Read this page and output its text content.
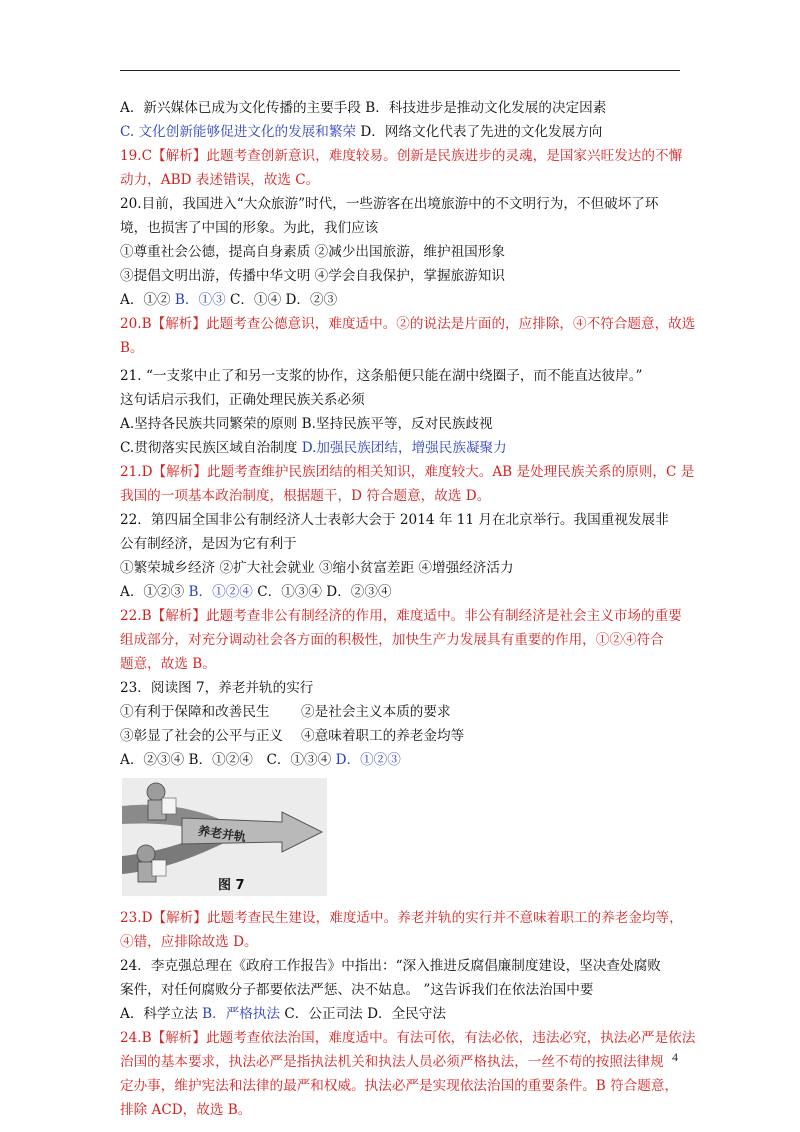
A．新兴媒体已成为文化传播的主要手段 B．科技进步是推动文化发展的决定因素
C. 文化创新能够促进文化的发展和繁荣 D．网络文化代表了先进的文化发展方向
19.C【解析】此题考查创新意识，难度较易。创新是民族进步的灵魂，是国家兴旺发达的不懈
动力，ABD 表述错误，故选 C。
20.目前，我国进入“大众旅游”时代，一些游客在出境旅游中的不文明行为，不但破坏了环
境，也损害了中国的形象。为此，我们应该
①尊重社会公德，提高自身素质 ②减少出国旅游，维护祖国形象
③提倡文明出游，传播中华文明 ④学会自我保护，掌握旅游知识
A．①② B．①③ C．①④ D．②③
20.B【解析】此题考查公德意识，难度适中。②的说法是片面的，应排除，④不符合题意，故选
B。
21. “一支浆中止了和另一支浆的协作，这条船便只能在湖中绕圈子，而不能直达彼岸。”
这句话启示我们，正确处理民族关系必须
A.坚持各民族共同繁荣的原则 B.坚持民族平等，反对民族歧视
C.贯彻落实民族区域自治制度 D.加强民族团结，增强民族凝聚力
21.D【解析】此题考查维护民族团结的相关知识，难度较大。AB 是处理民族关系的原则，C 是
我国的一项基本政治制度，根据题干，D 符合题意，故选 D。
22．第四届全国非公有制经济人士表彰大会于 2014 年 11 月在北京举行。我国重视发展非
公有制经济，是因为它有利于
①繁荣城乡经济 ②扩大社会就业 ③缩小贫富差距 ④增强经济活力
A．①②③ B．①②④ C．①③④ D．②③④
22.B【解析】此题考查非公有制经济的作用，难度适中。非公有制经济是社会主义市场的重要
组成部分，对充分调动社会各方面的积极性，加快生产力发展具有重要的作用，①②④符合
题意，故选 B。
23．阅读图 7，养老并轨的实行
①有利于保障和改善民生　　 ②是社会主义本质的要求
③彰显了社会的公平与正义　 ④意味着职工的养老金均等
A．②③④ B．①②④　C．①③④ D．①②③
养老并轨
图 7
23.D【解析】此题考查民生建设，难度适中。养老并轨的实行并不意味着职工的养老金均等，
④错，应排除故选 D。
24．李克强总理在《政府工作报告》中指出：“深入推进反腐倡廉制度建设，坚决查处腐败
案件，对任何腐败分子都要依法严惩、决不姑息。 ”这告诉我们在依法治国中要
A．科学立法 B．严格执法 C．公正司法 D．全民守法
24.B【解析】此题考查依法治国，难度适中。有法可依，有法必依，违法必究，执法必严是依法
治国的基本要求，执法必严是指执法机关和执法人员必须严格执法，一丝不苟的按照法律规
定办事，维护宪法和法律的最严和权威。执法必严是实现依法治国的重要条件。B 符合题意，
排除 ACD，故选 B。
4
